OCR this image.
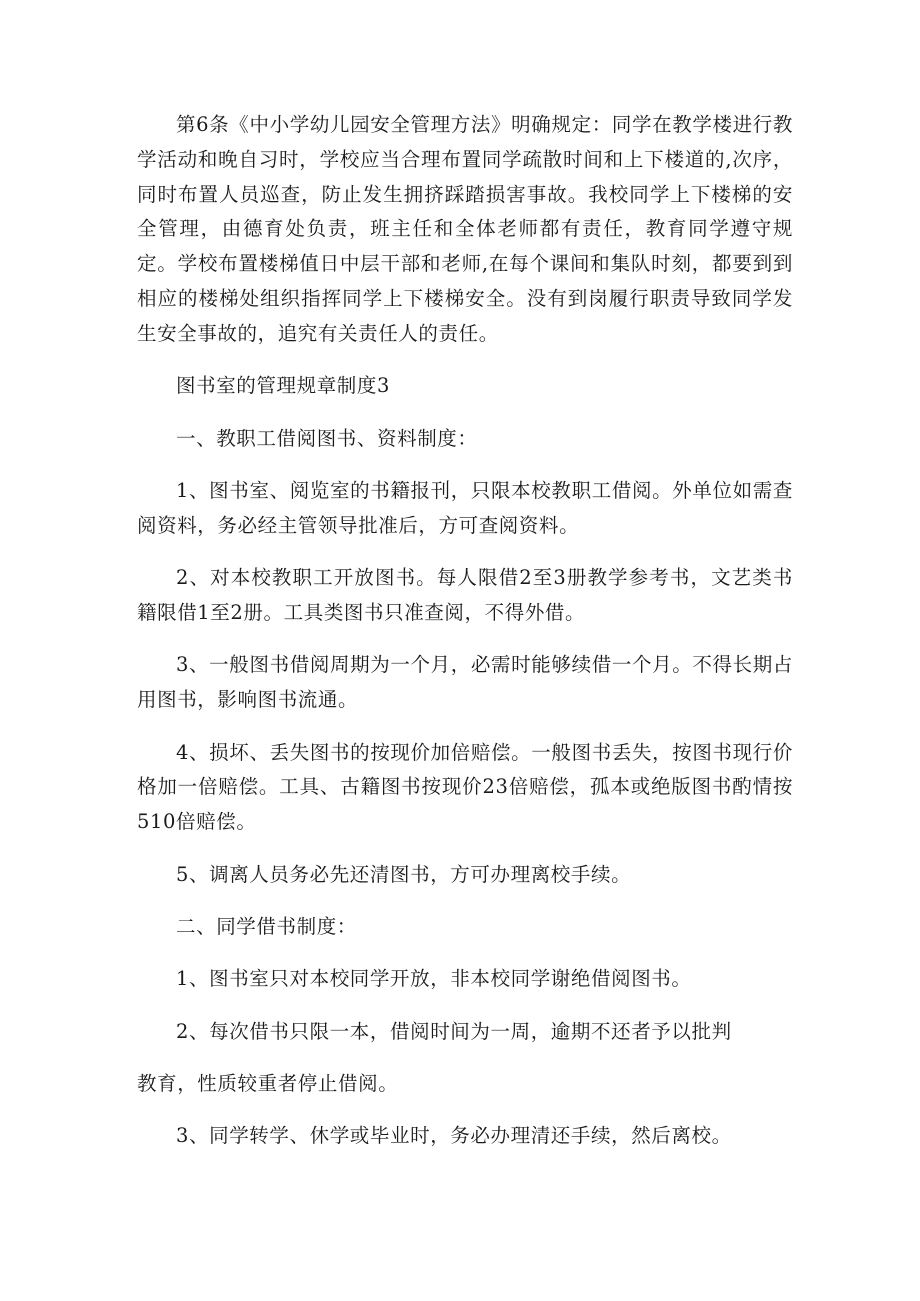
第6条《中小学幼儿园安全管理方法》明确规定：同学在教学楼进行教学活动和晚自习时，学校应当合理布置同学疏散时间和上下楼道的,次序，同时布置人员巡查，防止发生拥挤踩踏损害事故。我校同学上下楼梯的安全管理，由德育处负责，班主任和全体老师都有责任，教育同学遵守规定。学校布置楼梯值日中层干部和老师,在每个课间和集队时刻，都要到到相应的楼梯处组织指挥同学上下楼梯安全。没有到岗履行职责导致同学发生安全事故的，追究有关责任人的责任。

图书室的管理规章制度3

一、教职工借阅图书、资料制度：

1、图书室、阅览室的书籍报刊，只限本校教职工借阅。外单位如需查阅资料，务必经主管领导批准后，方可查阅资料。

2、对本校教职工开放图书。每人限借2至3册教学参考书，文艺类书籍限借1至2册。工具类图书只准查阅，不得外借。

3、一般图书借阅周期为一个月，必需时能够续借一个月。不得长期占用图书，影响图书流通。

4、损坏、丢失图书的按现价加倍赔偿。一般图书丢失，按图书现行价格加一倍赔偿。工具、古籍图书按现价23倍赔偿，孤本或绝版图书酌情按510倍赔偿。

5、调离人员务必先还清图书，方可办理离校手续。

二、同学借书制度：

1、图书室只对本校同学开放，非本校同学谢绝借阅图书。

2、每次借书只限一本，借阅时间为一周，逾期不还者予以批判

教育，性质较重者停止借阅。

3、同学转学、休学或毕业时，务必办理清还手续，然后离校。
